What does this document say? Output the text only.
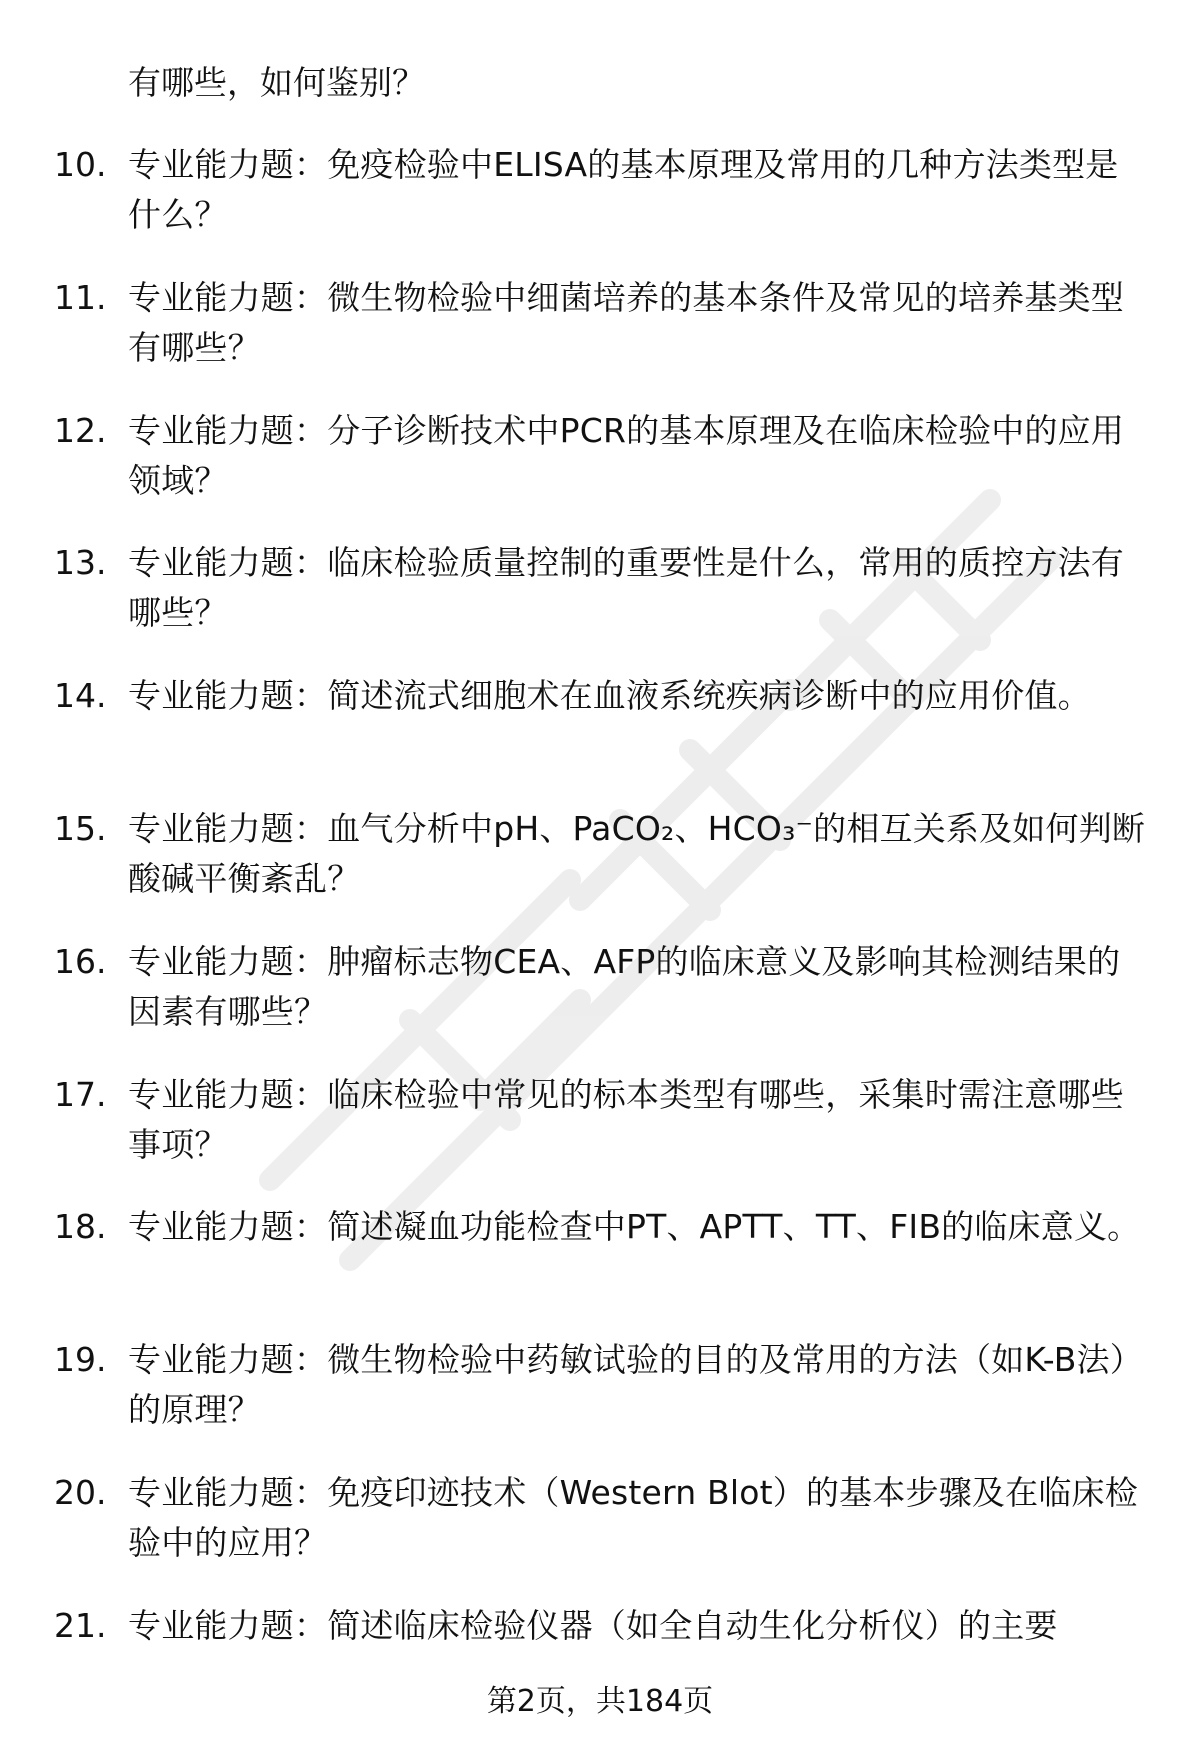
有哪些，如何鉴别？

10. 专业能力题：免疫检验中ELISA的基本原理及常用的几种方法类型是什么？
11. 专业能力题：微生物检验中细菌培养的基本条件及常见的培养基类型有哪些？
12. 专业能力题：分子诊断技术中PCR的基本原理及在临床检验中的应用领域？
13. 专业能力题：临床检验质量控制的重要性是什么，常用的质控方法有哪些？
14. 专业能力题：简述流式细胞术在血液系统疾病诊断中的应用价值。
15. 专业能力题：血气分析中pH、PaCO₂、HCO₃⁻的相互关系及如何判断酸碱平衡紊乱？
16. 专业能力题：肿瘤标志物CEA、AFP的临床意义及影响其检测结果的因素有哪些？
17. 专业能力题：临床检验中常见的标本类型有哪些，采集时需注意哪些事项？
18. 专业能力题：简述凝血功能检查中PT、APTT、TT、FIB的临床意义。
19. 专业能力题：微生物检验中药敏试验的目的及常用的方法（如K-B法）的原理？
20. 专业能力题：免疫印迹技术（Western Blot）的基本步骤及在临床检验中的应用？
21. 专业能力题：简述临床检验仪器（如全自动生化分析仪）的主要
第2页，共184页
